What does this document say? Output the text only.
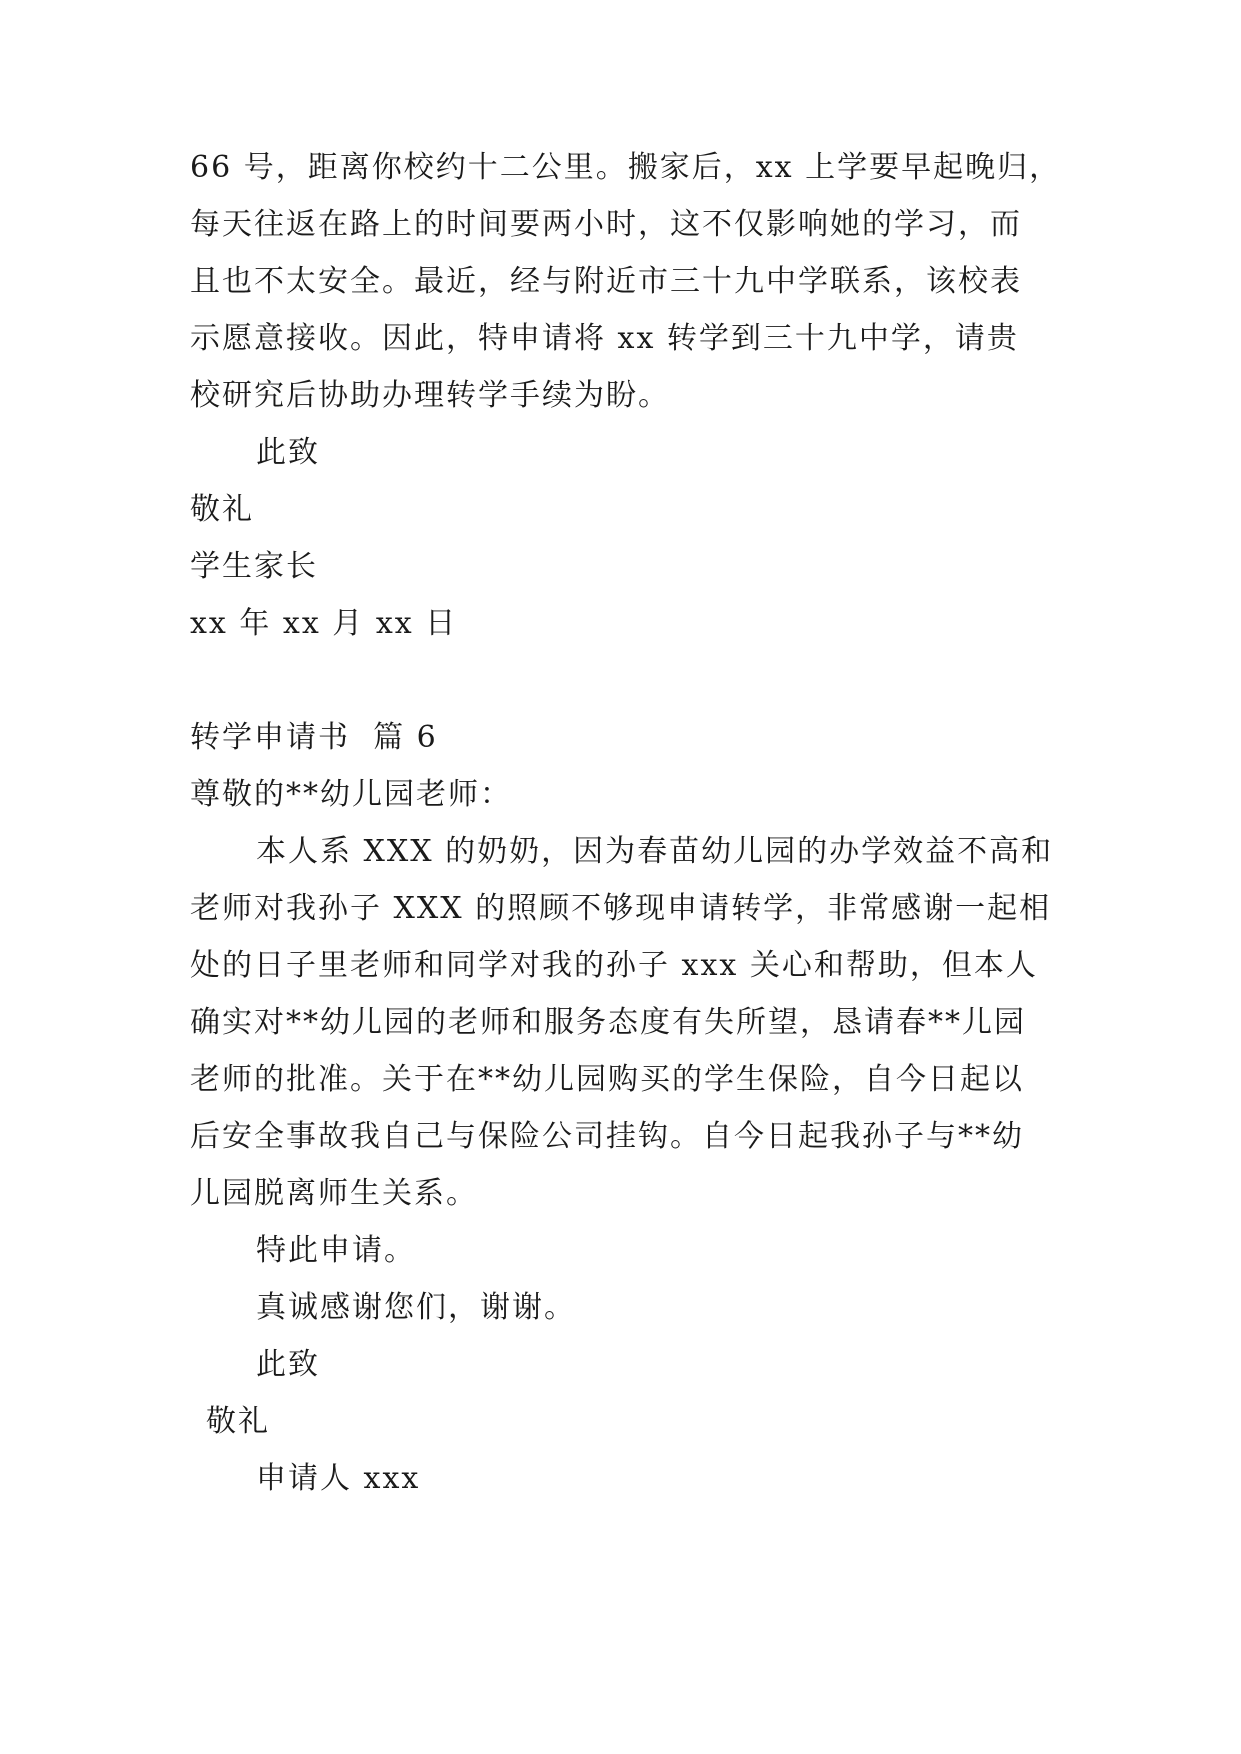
66 号，距离你校约十二公里。搬家后，xx 上学要早起晚归，
每天往返在路上的时间要两小时，这不仅影响她的学习，而
且也不太安全。最近，经与附近市三十九中学联系，该校表
示愿意接收。因此，特申请将 xx 转学到三十九中学，请贵
校研究后协助办理转学手续为盼。
此致
敬礼
学生家长
xx 年 xx 月 xx 日
转学申请书  篇 6
尊敬的**幼儿园老师：
本人系 XXX 的奶奶，因为春苗幼儿园的办学效益不高和
老师对我孙子 XXX 的照顾不够现申请转学，非常感谢一起相
处的日子里老师和同学对我的孙子 xxx 关心和帮助，但本人
确实对**幼儿园的老师和服务态度有失所望，恳请春**儿园
老师的批准。关于在**幼儿园购买的学生保险，自今日起以
后安全事故我自己与保险公司挂钩。自今日起我孙子与**幼
儿园脱离师生关系。
特此申请。
真诚感谢您们，谢谢。
此致
敬礼
申请人 xxx
